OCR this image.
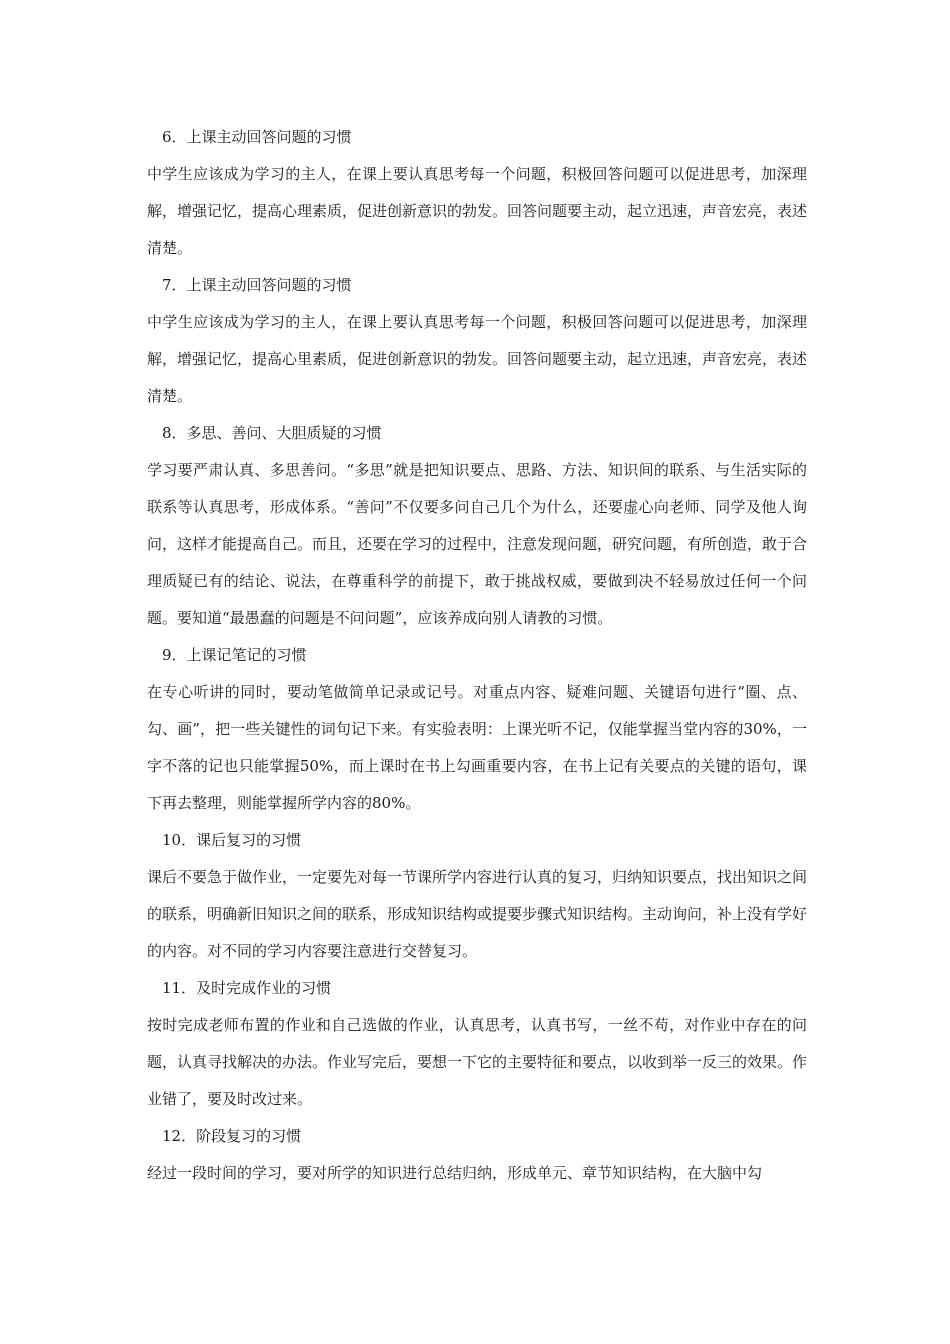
6．上课主动回答问题的习惯

中学生应该成为学习的主人，在课上要认真思考每一个问题，积极回答问题可以促进思考，加深理解，增强记忆，提高心理素质，促进创新意识的勃发。回答问题要主动，起立迅速，声音宏亮，表述清楚。

7．上课主动回答问题的习惯

中学生应该成为学习的主人，在课上要认真思考每一个问题，积极回答问题可以促进思考，加深理解，增强记忆，提高心里素质，促进创新意识的勃发。回答问题要主动，起立迅速，声音宏亮，表述清楚。

8．多思、善问、大胆质疑的习惯

学习要严肃认真、多思善问。“多思”就是把知识要点、思路、方法、知识间的联系、与生活实际的联系等认真思考，形成体系。“善问”不仅要多问自己几个为什么，还要虚心向老师、同学及他人询问，这样才能提高自己。而且，还要在学习的过程中，注意发现问题，研究问题，有所创造，敢于合理质疑已有的结论、说法，在尊重科学的前提下，敢于挑战权威，要做到决不轻易放过任何一个问题。要知道“最愚蠢的问题是不问问题”，应该养成向别人请教的习惯。

9．上课记笔记的习惯

在专心听讲的同时，要动笔做简单记录或记号。对重点内容、疑难问题、关键语句进行“圈、点、勾、画”，把一些关键性的词句记下来。有实验表明：上课光听不记，仅能掌握当堂内容的30%，一字不落的记也只能掌握50%，而上课时在书上勾画重要内容，在书上记有关要点的关键的语句，课下再去整理，则能掌握所学内容的80%。

10．课后复习的习惯

课后不要急于做作业，一定要先对每一节课所学内容进行认真的复习，归纳知识要点，找出知识之间的联系，明确新旧知识之间的联系，形成知识结构或提要步骤式知识结构。主动询问，补上没有学好的内容。对不同的学习内容要注意进行交替复习。

11．及时完成作业的习惯

按时完成老师布置的作业和自己选做的作业，认真思考，认真书写，一丝不苟，对作业中存在的问题，认真寻找解决的办法。作业写完后，要想一下它的主要特征和要点，以收到举一反三的效果。作业错了，要及时改过来。

12．阶段复习的习惯

经过一段时间的学习，要对所学的知识进行总结归纳，形成单元、章节知识结构，在大脑中勾
